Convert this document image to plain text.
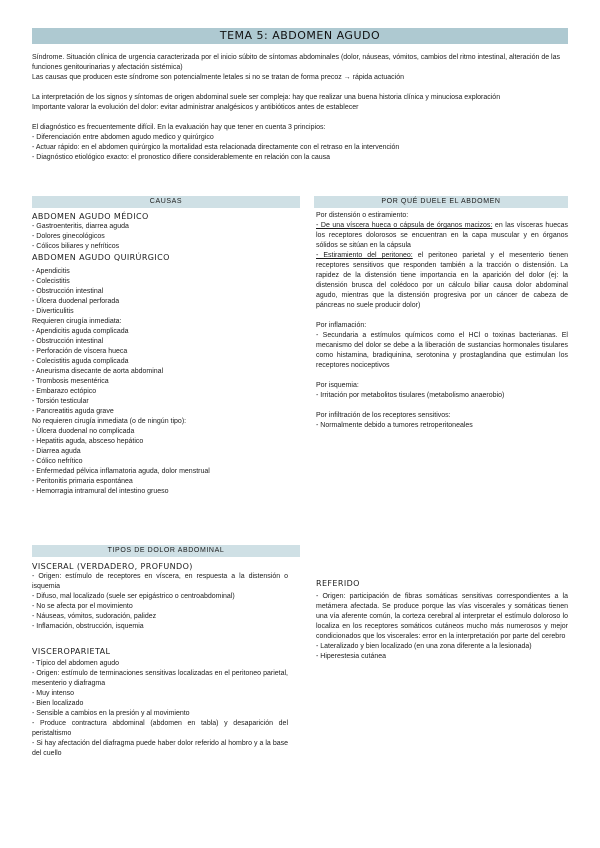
TEMA 5: ABDOMEN AGUDO

Síndrome. Situación clínica de urgencia caracterizada por el inicio súbito de síntomas abdominales (dolor, náuseas, vómitos, cambios del ritmo intestinal, alteración de las funciones genitourinarias y afectación sistémica)

Las causas que producen este síndrome son potencialmente letales si no se tratan de forma precoz → rápida actuación

La interpretación de los signos y síntomas de origen abdominal suele ser compleja: hay que realizar una buena historia clínica y minuciosa exploración

Importante valorar la evolución del dolor: evitar administrar analgésicos y antibióticos antes de establecer

El diagnóstico es frecuentemente difícil. En la evaluación hay que tener en cuenta 3 principios:

- Diferenciación entre abdomen agudo medico y quirúrgico
- Actuar rápido: en el abdomen quirúrgico la mortalidad esta relacionada directamente con el retraso en la intervención
- Diagnóstico etiológico exacto: el pronostico difiere considerablemente en relación con la causa
CAUSAS

ABDOMEN AGUDO MÉDICO

- Gastroenteritis, diarrea aguda
- Dolores ginecológicos
- Cólicos biliares y nefríticos

ABDOMEN AGUDO QUIRÚRGICO

- Apendicitis
- Colecistitis
- Obstrucción intestinal
- Úlcera duodenal perforada
- Diverticulitis

Requieren cirugía inmediata:

- Apendicitis aguda complicada
- Obstrucción intestinal
- Perforación de víscera hueca
- Colecistitis aguda complicada
- Aneurisma disecante de aorta abdominal
- Trombosis mesentérica
- Embarazo ectópico
- Torsión testicular
- Pancreatitis aguda grave

No requieren cirugía inmediata (o de ningún tipo):

- Úlcera duodenal no complicada
- Hepatitis aguda, absceso hepático
- Diarrea aguda
- Cólico nefrítico
- Enfermedad pélvica inflamatoria aguda, dolor menstrual
- Peritonitis primaria espontánea
- Hemorragia intramural del intestino grueso
POR QUÉ DUELE EL ABDOMEN

Por distensión o estiramiento:

- De una víscera hueca o cápsula de órganos macizos: en las vísceras huecas los receptores dolorosos se encuentran en la capa muscular y en órganos sólidos se sitúan en la cápsula

- Estiramiento del peritoneo: el peritoneo parietal y el mesenterio tienen receptores sensitivos que responden también a la tracción o distensión. La rapidez de la distensión tiene importancia en la aparición del dolor (ej: la distensión brusca del colédoco por un cálculo biliar causa dolor abdominal agudo, mientras que la distensión progresiva por un cáncer de cabeza de páncreas no suele producir dolor)

Por inflamación:

- Secundaria a estímulos químicos como el HCl o toxinas bacterianas. El mecanismo del dolor se debe a la liberación de sustancias hormonales tisulares como histamina, bradiquinina, serotonina y prostaglandina que estimulan los receptores nociceptivos

Por isquemia:

- Irritación por metabolitos tisulares (metabolismo anaerobio)

Por infiltración de los receptores sensitivos:

- Normalmente debido a tumores retroperitoneales

TIPOS DE DOLOR ABDOMINAL

VISCERAL (VERDADERO, PROFUNDO)

- Origen: estímulo de receptores en víscera, en respuesta a la distensión o isquemia
- Difuso, mal localizado (suele ser epigástrico o centroabdominal)
- No se afecta por el movimiento
- Náuseas, vómitos, sudoración, palidez
- Inflamación, obstrucción, isquemia

VISCEROPARIETAL

- Típico del abdomen agudo
- Origen: estímulo de terminaciones sensitivas localizadas en el peritoneo parietal, mesenterio y diafragma
- Muy intenso
- Bien localizado
- Sensible a cambios en la presión y al movimiento
- Produce contractura abdominal (abdomen en tabla) y desaparición del peristaltismo
- Si hay afectación del diafragma puede haber dolor referido al hombro y a la base del cuello

REFERIDO

- Origen: participación de fibras somáticas sensitivas correspondientes a la metámera afectada. Se produce porque las vías viscerales y somáticas tienen una vía aferente común, la corteza cerebral al interpretar el estímulo doloroso lo localiza en los receptores somáticos cutáneos mucho más numerosos y mejor condicionados que los viscerales: error en la interpretación por parte del cerebro
- Lateralizado y bien localizado (en una zona diferente a la lesionada)
- Hiperestesia cutánea
